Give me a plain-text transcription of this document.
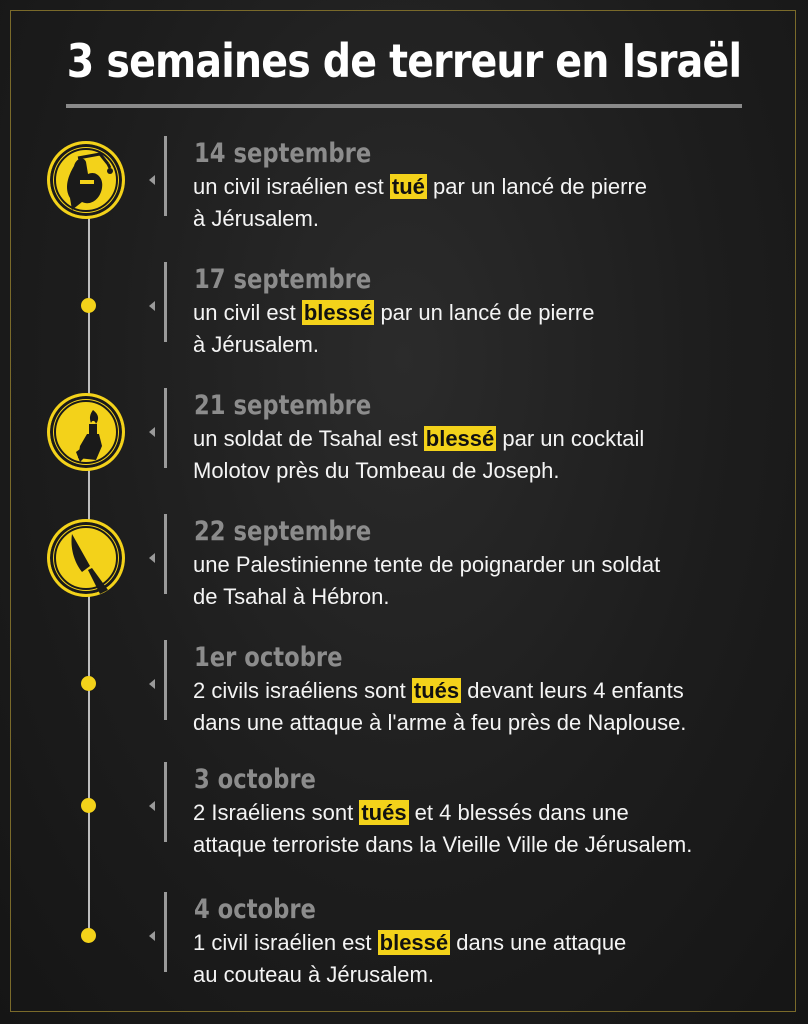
3 semaines de terreur en Israël
14 septembre
un civil israélien est tué par un lancé de pierre
à Jérusalem.
17 septembre
un civil est blessé par un lancé de pierre
à Jérusalem.
21 septembre
un soldat de Tsahal est blessé par un cocktail
Molotov près du Tombeau de Joseph.
22 septembre
une Palestinienne tente de poignarder un soldat
de Tsahal à Hébron.
1er octobre
2 civils israéliens sont tués devant leurs 4 enfants
dans une attaque à l'arme à feu près de Naplouse.
3 octobre
2 Israéliens sont tués et 4 blessés dans une
attaque terroriste dans la Vieille Ville de Jérusalem.
4 octobre
1 civil israélien est blessé dans une attaque
au couteau à Jérusalem.
